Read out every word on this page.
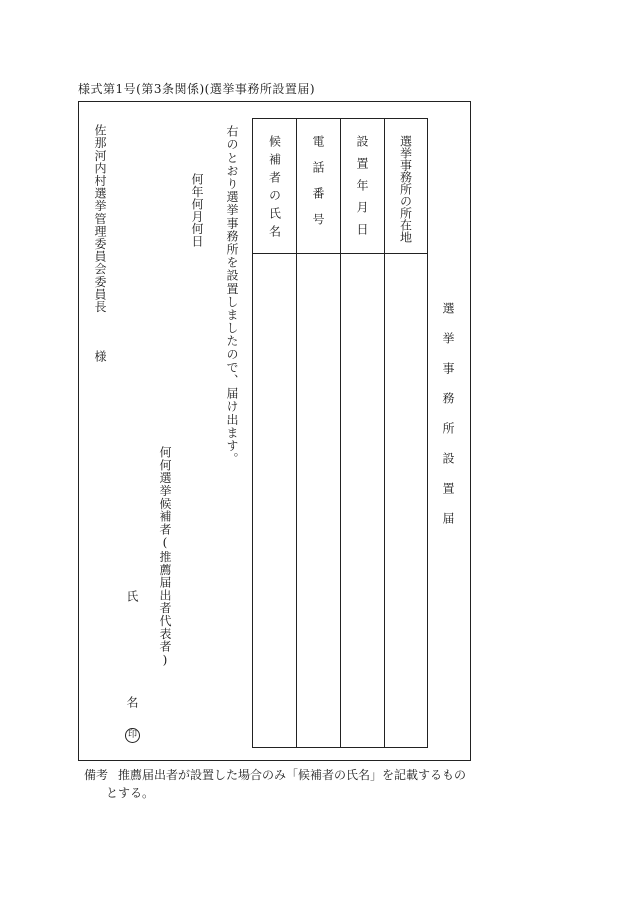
様式第1号(第3条関係)(選挙事務所設置届)
佐那河内村選挙管理委員会委員長
様
何年何月何日 右のとおり選挙事務所を設置しましたので、届け出ます。
何何選挙候補者(推薦届出者代表者)
氏
名
印
候補者の氏名 電話番号	設置年月日 選挙事務所の所在地
選挙事務所設置届
備考 推薦届出者が設置した場合のみ「候補者の氏名」を記載するもの
とする。
